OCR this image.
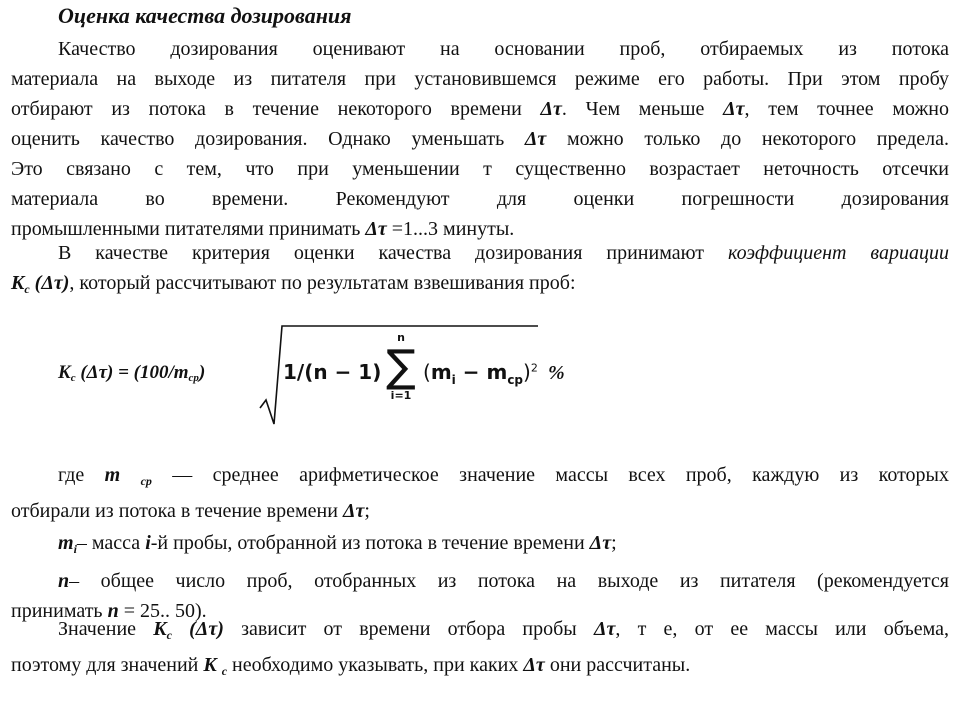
Оценка качества дозирования
Качество дозирования оценивают на основании проб, отбираемых из потока
материала на выходе из питателя при установившемся режиме его работы. При этом пробу
отбирают из потока в течение некоторого времени Δτ. Чем меньше Δτ, тем точнее можно
оценить качество дозирования. Однако уменьшать Δτ можно только до некоторого предела.
Это связано с тем, что при уменьшении т существенно возрастает неточность отсечки
материала во времени. Рекомендуют для оценки погрешности дозирования
промышленными питателями принимать Δτ =1...3 минуты.
В качестве критерия оценки качества дозирования принимают коэффициент вариации
$K_c$ (Δτ), который рассчитывают по результатам взвешивания проб:
$K_c$ $(\Delta\tau) = (100/m_{ср})$	1/(n − 1)
n
∑
i=1
$(m_i - m_{ср})^2$ %
где m $_{ср}$ — среднее арифметическое значение массы всех проб, каждую из которых
отбирали из потока в течение времени Δτ;
$m_i-$ масса i-й пробы, отобранной из потока в течение времени Δτ;
n– общее число проб, отобранных из потока на выходе из питателя (рекомендуется
принимать n = 25.. 50).
Значение $K_c$ (Δτ) зависит от времени отбора пробы Δτ, т е, от ее массы или объема,
поэтому для значений K $_c$ необходимо указывать, при каких Δτ они рассчитаны.
